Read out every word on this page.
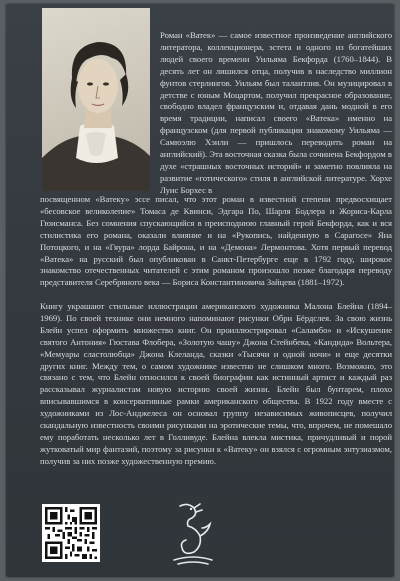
Роман «Ватек» — самое известное произведение английского литератора, коллекционера, эстета и одного из богатейших людей своего времени Уильяма Бекфорда (1760–1844). В десять лет он лишился отца, получив в наследство миллион фунтов стерлингов. Уильям был талантлив. Он музицировал в детстве с юным Моцартом, получил прекрасное образование, свободно владел французским и, отдавая дань модной в его время традиции, написал своего «Ватека» именно на французском (для первой публикации знакомому Уильяма — Самюэлю Хэнли — пришлось переводить роман на английский). Эта восточная сказка была сочинена Бекфордом в духе «страшных восточных историй» и заметно повлияла на развитие «готического» стиля в английской литературе. Хорхе Луис Борхес в

посвященном «Ватеку» эссе писал, что этот роман в известной степени предвосхищает «бесовское великолепие» Томаса де Квинси, Эдгара По, Шарля Бодлера и Жориса-Карла Гюисманса. Без сомнения спускающийся в преисподнюю главный герой Бекфорда, как и вся стилистика его романа, оказали влияние и на «Рукопись, найденную в Сарагосе» Яна Потоцкого, и на «Гяура» лорда Байрона, и на «Демона» Лермонтова. Хотя первый перевод «Ватека» на русский был опубликован в Санкт-Петербурге еще в 1792 году, широкое знакомство отечественных читателей с этим романом произошло позже благодаря переводу представителя Серебряного века — Бориса Константиновича Зайцева (1881–1972).

Книгу украшают стильные иллюстрации американского художника Малона Блейна (1894–1969). По своей технике они немного напоминают рисунки Обри Бёрдслея. За свою жизнь Блейн успел оформить множество книг. Он проиллюстрировал «Саламбо» и «Искушение святого Антония» Гюстава Флобера, «Золотую чашу» Джона Стейнбека, «Кандида» Вольтера, «Мемуары сластолюбца» Джона Клеланда, сказки «Тысячи и одной ночи» и еще десятки других книг. Между тем, о самом художнике известно не слишком много. Возможно, это связано с тем, что Блейн относился к своей биографии как истинный артист и каждый раз рассказывал журналистам новую историю своей жизни. Блейн был бунтарем, плохо вписывавшимся в консервативные рамки американского общества. В 1922 году вместе с художниками из Лос-Анджелеса он основал группу независимых живописцев, получил скандальную известность своими рисунками на эротические темы, что, впрочем, не помешало ему поработать несколько лет в Голливуде. Блейна влекла мистика, причудливый и порой жутковатый мир фантазий, поэтому за рисунки к «Ватеку» он взялся с огромным энтузиазмом, получив за них позже художественную премию.
